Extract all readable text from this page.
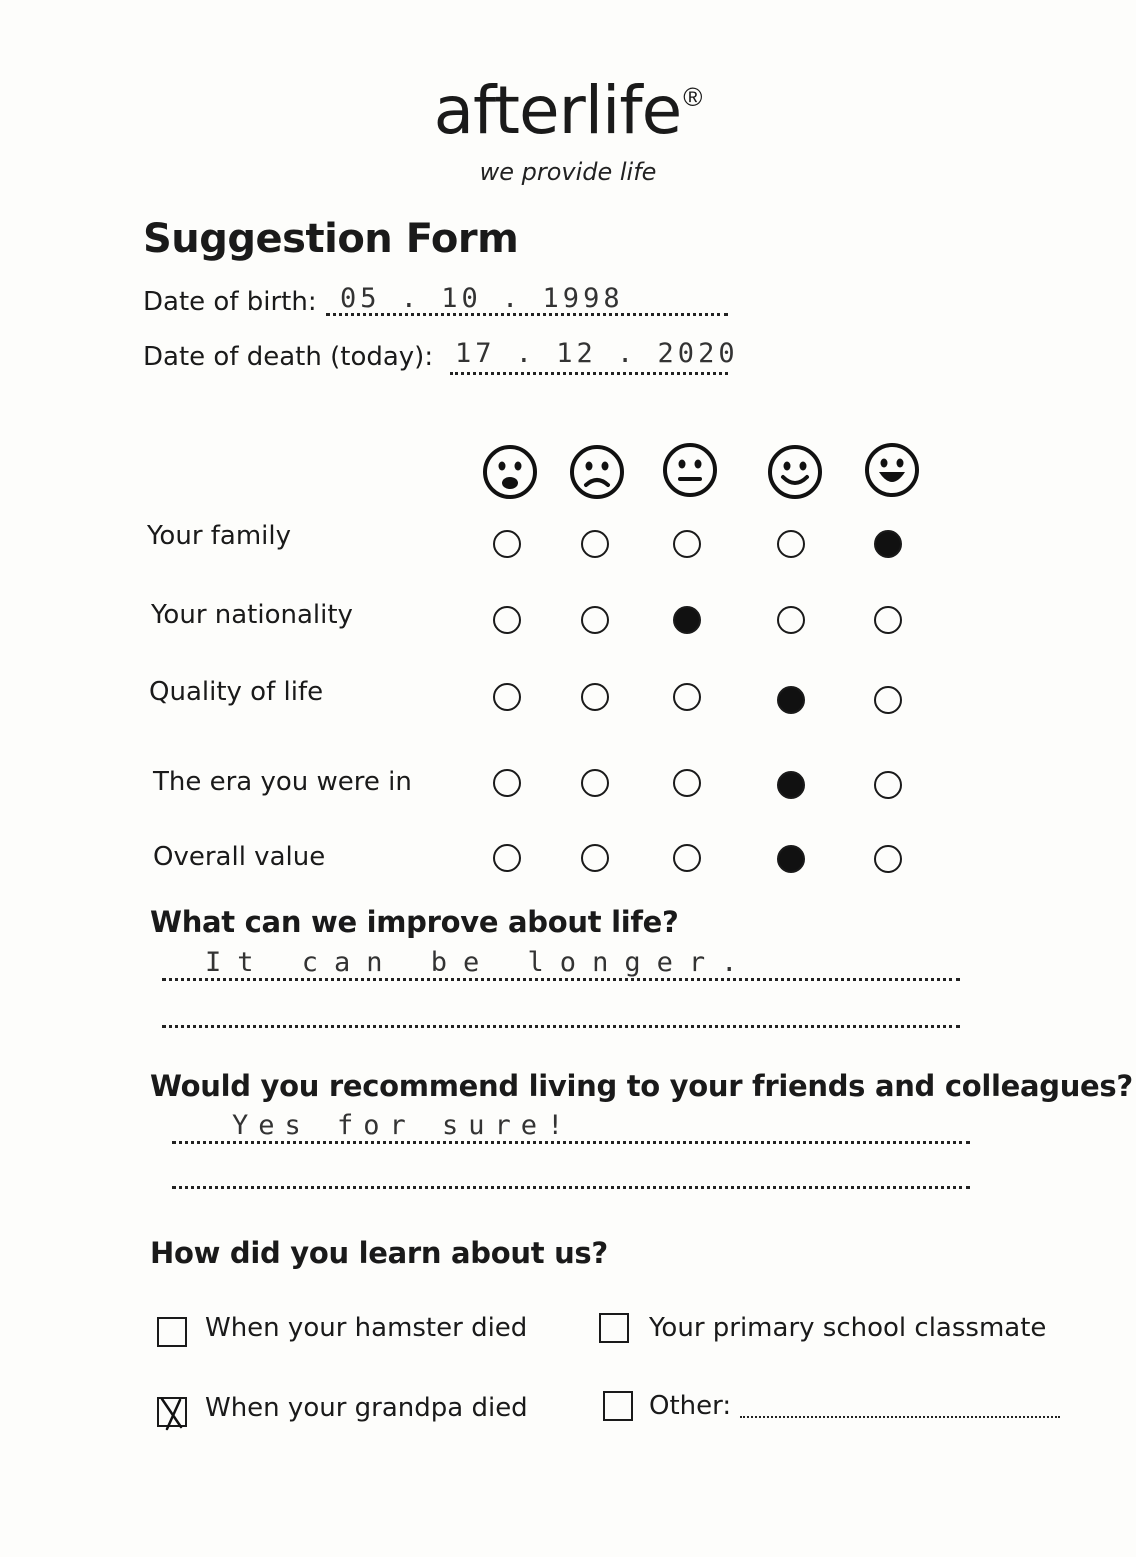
afterlife®
we provide life
Suggestion Form
Date of birth: 05 . 10 . 1998
Date of death (today): 17 . 12 . 2020
Your family
Your nationality
Quality of life
The era you were in
Overall value
What can we improve about life?
It can be longer.
Would you recommend living to your friends and colleagues?
Yes for sure!
How did you learn about us?
When your hamster died	Your primary school classmate
When your grandpa died	Other:
